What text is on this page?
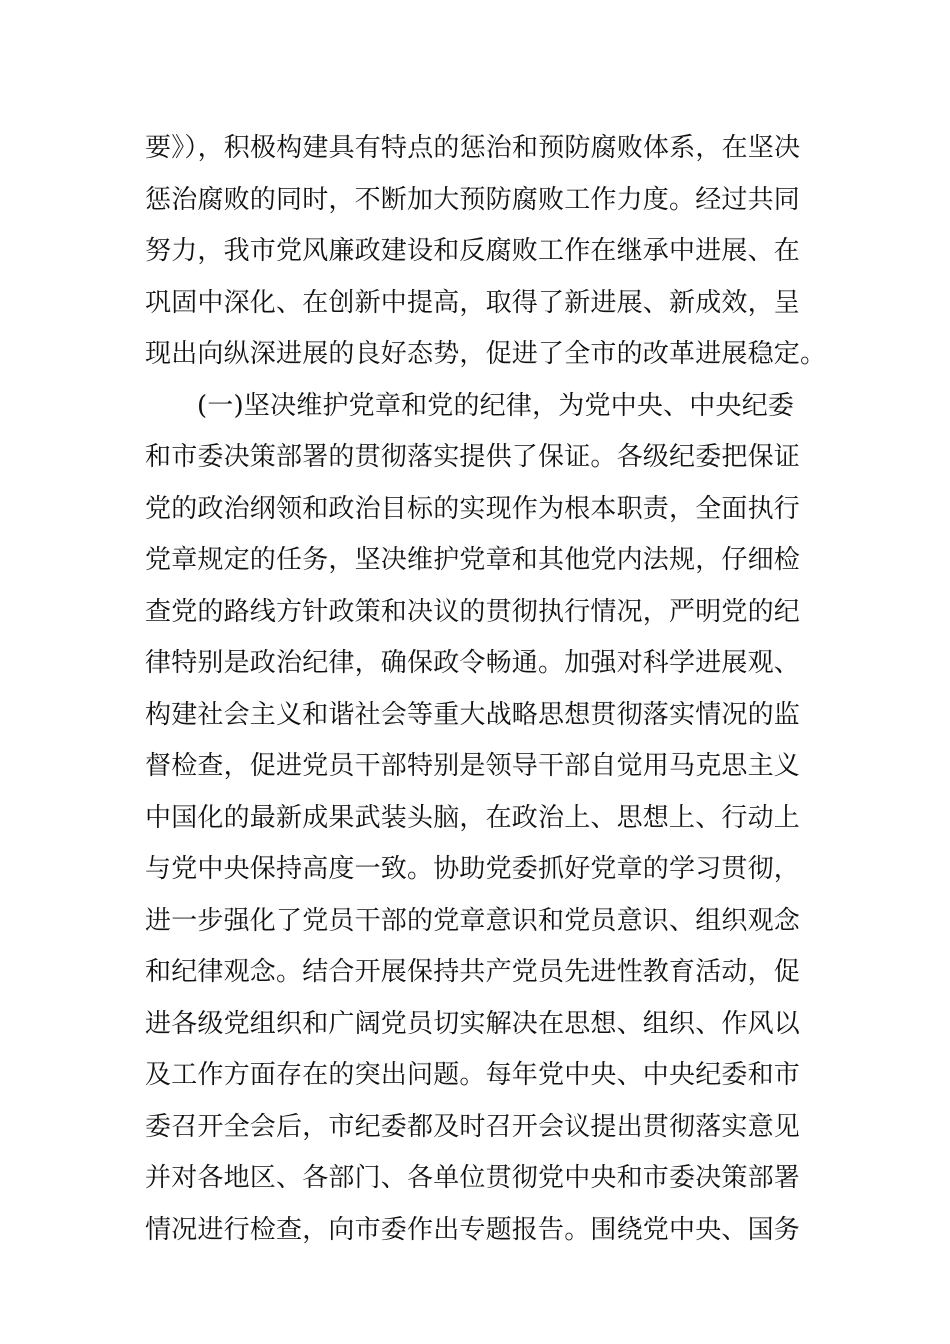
要》），积极构建具有特点的惩治和预防腐败体系，在坚决
惩治腐败的同时，不断加大预防腐败工作力度。经过共同
努力，我市党风廉政建设和反腐败工作在继承中进展、在
巩固中深化、在创新中提高，取得了新进展、新成效，呈
现出向纵深进展的良好态势，促进了全市的改革进展稳定。
(一)坚决维护党章和党的纪律，为党中央、中央纪委
和市委决策部署的贯彻落实提供了保证。各级纪委把保证
党的政治纲领和政治目标的实现作为根本职责，全面执行
党章规定的任务，坚决维护党章和其他党内法规，仔细检
查党的路线方针政策和决议的贯彻执行情况，严明党的纪
律特别是政治纪律，确保政令畅通。加强对科学进展观、
构建社会主义和谐社会等重大战略思想贯彻落实情况的监
督检查，促进党员干部特别是领导干部自觉用马克思主义
中国化的最新成果武装头脑，在政治上、思想上、行动上
与党中央保持高度一致。协助党委抓好党章的学习贯彻，
进一步强化了党员干部的党章意识和党员意识、组织观念
和纪律观念。结合开展保持共产党员先进性教育活动，促
进各级党组织和广阔党员切实解决在思想、组织、作风以
及工作方面存在的突出问题。每年党中央、中央纪委和市
委召开全会后，市纪委都及时召开会议提出贯彻落实意见
并对各地区、各部门、各单位贯彻党中央和市委决策部署
情况进行检查，向市委作出专题报告。围绕党中央、国务
